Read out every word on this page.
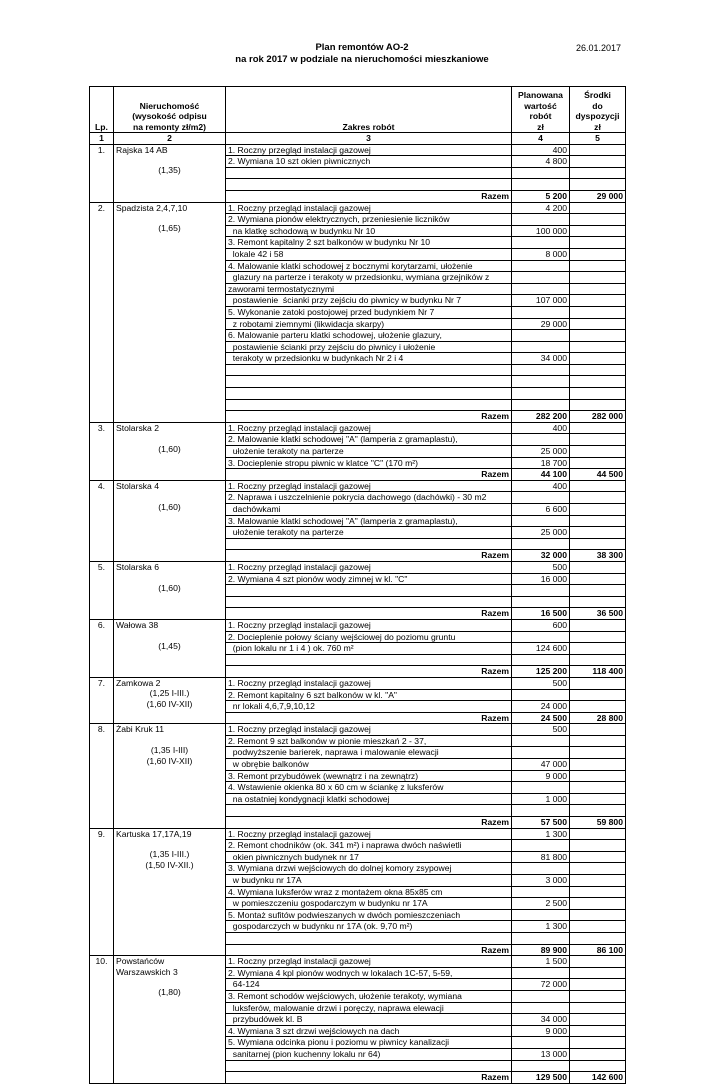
Plan remontów AO-2
na rok 2017 w podziale na nieruchomości mieszkaniowe
26.01.2017
Lp.	Nieruchomość
(wysokość odpisu
na remonty zł/m2)	Zakres robót	Planowana
wartość
robót
zł	Środki
do
dyspozycji
zł
1	2	3	4	5
1.	Rajska 14 AB

(1,35)	1. Roczny przegląd instalacji gazowej	400	
		2. Wymiana 10 szt okien piwnicznych	4 800	

		Razem	5 200	29 000
2.	Spadzista 2,4,7,10

(1,65)	1. Roczny przegląd instalacji gazowej	4 200	
		2. Wymiana pionów elektrycznych, przeniesienie liczników		
		na klatkę schodową w budynku Nr 10	100 000	
		3. Remont kapitalny 2 szt balkonów w budynku Nr 10		
		lokale 42 i 58	8 000	
		4. Malowanie klatki schodowej z bocznymi korytarzami, ułożenie		
		glazury na parterze i terakoty w przedsionku, wymiana grzejników z		
		zaworami termostatycznymi		
		postawienie  ścianki przy zejściu do piwnicy w budynku Nr 7	107 000	
		5. Wykonanie zatoki postojowej przed budynkiem Nr 7		
		z robotami ziemnymi (likwidacja skarpy)	29 000	
		6. Malowanie parteru klatki schodowej, ułożenie glazury,		
		postawienie ścianki przy zejściu do piwnicy i ułożenie		
		terakoty w przedsionku w budynkach Nr 2 i 4	34 000	

		Razem	282 200	282 000
3.	Stolarska 2

(1,60)	1. Roczny przegląd instalacji gazowej	400	
		2. Malowanie klatki schodowej "A" (lamperia z gramaplastu),		
		ułożenie terakoty na parterze	25 000	
		3. Docieplenie stropu piwnic w klatce "C" (170 m²)	18 700	
		Razem	44 100	44 500
4.	Stolarska 4

(1,60)	1. Roczny przegląd instalacji gazowej	400	
		2. Naprawa i uszczelnienie pokrycia dachowego (dachówki) - 30 m2		
		dachówkami	6 600	
		3. Malowanie klatki schodowej "A" (lamperia z gramaplastu),		
		ułożenie terakoty na parterze	25 000	

		Razem	32 000	38 300
5.	Stolarska 6

(1,60)	1. Roczny przegląd instalacji gazowej	500	
		2. Wymiana 4 szt pionów wody zimnej w kl. "C"	16 000	

		Razem	16 500	36 500
6.	Wałowa 38

(1,45)	1. Roczny przegląd instalacji gazowej	600	
		2. Docieplenie połowy ściany wejściowej do poziomu gruntu		
		(pion lokalu nr 1 i 4 ) ok. 760 m²	124 600	

		Razem	125 200	118 400
7.	Zamkowa 2
(1,25 I-III.)
(1,60 IV-XII)	1. Roczny przegląd instalacji gazowej	500	
		2. Remont kapitalny 6 szt balkonów w kl. "A"		
		nr lokali 4,6,7,9,10,12	24 000	
		Razem	24 500	28 800
8.	Żabi Kruk 11

(1,35 I-III)
(1,60 IV-XII)	1. Roczny przegląd instalacji gazowej	500	
		2. Remont 9 szt balkonów w pionie mieszkań 2 - 37,		
		podwyższenie barierek, naprawa i malowanie elewacji		
		w obrębie balkonów	47 000	
		3. Remont przybudówek (wewnątrz i na zewnątrz)	9 000	
		4. Wstawienie okienka 80 x 60 cm w ściankę z luksferów		
		na ostatniej kondygnacji klatki schodowej	1 000	

		Razem	57 500	59 800
9.	Kartuska 17,17A,19

(1,35 I-III.)
(1,50 IV-XII.)	1. Roczny przegląd instalacji gazowej	1 300	
		2. Remont chodników (ok. 341 m²) i naprawa dwóch naświetli		
		okien piwnicznych budynek nr 17	81 800	
		3. Wymiana drzwi wejściowych do dolnej komory zsypowej		
		w budynku nr 17A	3 000	
		4. Wymiana luksferów wraz z montażem okna 85x85 cm		
		w pomieszczeniu gospodarczym w budynku nr 17A	2 500	
		5. Montaż sufitów podwieszanych w dwóch pomieszczeniach		
		gospodarczych w budynku nr 17A (ok. 9,70 m²)	1 300	

		Razem	89 900	86 100
10.	Powstańców
Warszawskich 3

(1,80)	1. Roczny przegląd instalacji gazowej	1 500	
		2. Wymiana 4 kpl pionów wodnych w lokalach 1C-57, 5-59,		
		64-124	72 000	
		3. Remont schodów wejściowych, ułożenie terakoty, wymiana		
		luksferów, malowanie drzwi i poręczy, naprawa elewacji		
		przybudówek kl. B	34 000	
		4. Wymiana 3 szt drzwi wejściowych na dach	9 000	
		5. Wymiana odcinka pionu i poziomu w piwnicy kanalizacji		
		sanitarnej (pion kuchenny lokalu nr 64)	13 000	

		Razem	129 500	142 600
